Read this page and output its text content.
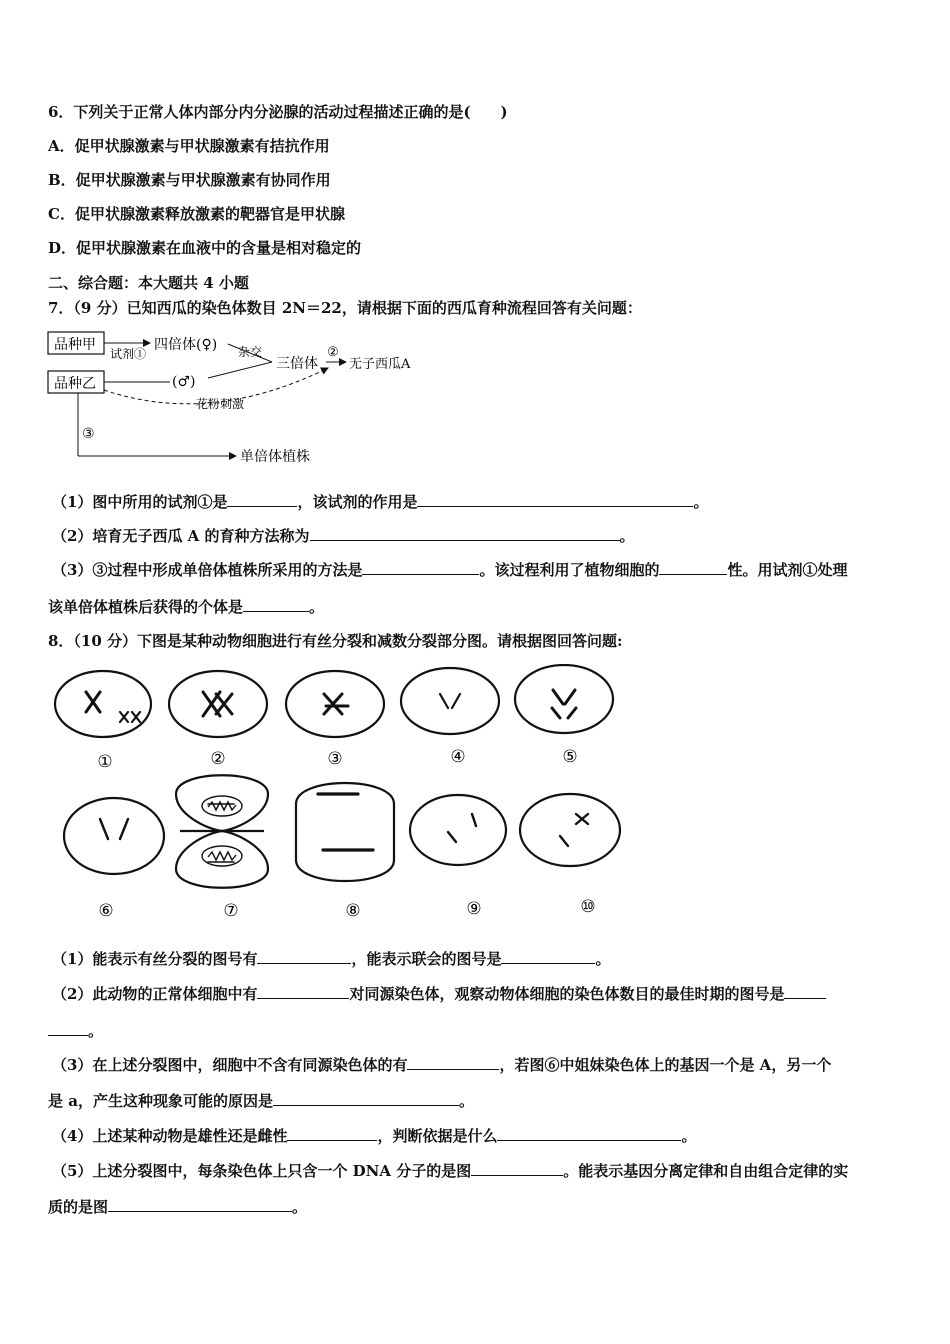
6．下列关于正常人体内部分内分泌腺的活动过程描述正确的是(　　)
A．促甲状腺激素与甲状腺激素有拮抗作用
B．促甲状腺激素与甲状腺激素有协同作用
C．促甲状腺激素释放激素的靶器官是甲状腺
D．促甲状腺激素在血液中的含量是相对稳定的
二、综合题：本大题共 4 小题
7．（9 分）已知西瓜的染色体数目 2N＝22，请根据下面的西瓜育种流程回答有关问题：
品种甲
品种乙
试剂①
四倍体(♀)
(♂)
杂交
三倍体
②
无子西瓜A
花粉刺激
③
单倍体植株
（1）图中所用的试剂①是	，该试剂的作用是	。
（2）培育无子西瓜 A 的育种方法称为	。
（3）③过程中形成单倍体植株所采用的方法是	。该过程利用了植物细胞的	性。用试剂①处理
该单倍体植株后获得的个体是	。
8．（10 分）下图是某种动物细胞进行有丝分裂和减数分裂部分图。请根据图回答问题:
①	②	③	④	⑤
⑥	⑦	⑧	⑨	⑩
（1）能表示有丝分裂的图号有	，能表示联会的图号是	。
（2）此动物的正常体细胞中有	对同源染色体，观察动物体细胞的染色体数目的最佳时期的图号是
。
（3）在上述分裂图中，细胞中不含有同源染色体的有	，若图⑥中姐妹染色体上的基因一个是 A，另一个
是 a，产生这种现象可能的原因是	。
（4）上述某种动物是雄性还是雌性	，判断依据是什么	。
（5）上述分裂图中，每条染色体上只含一个 DNA 分子的是图	。能表示基因分离定律和自由组合定律的实
质的是图	。
